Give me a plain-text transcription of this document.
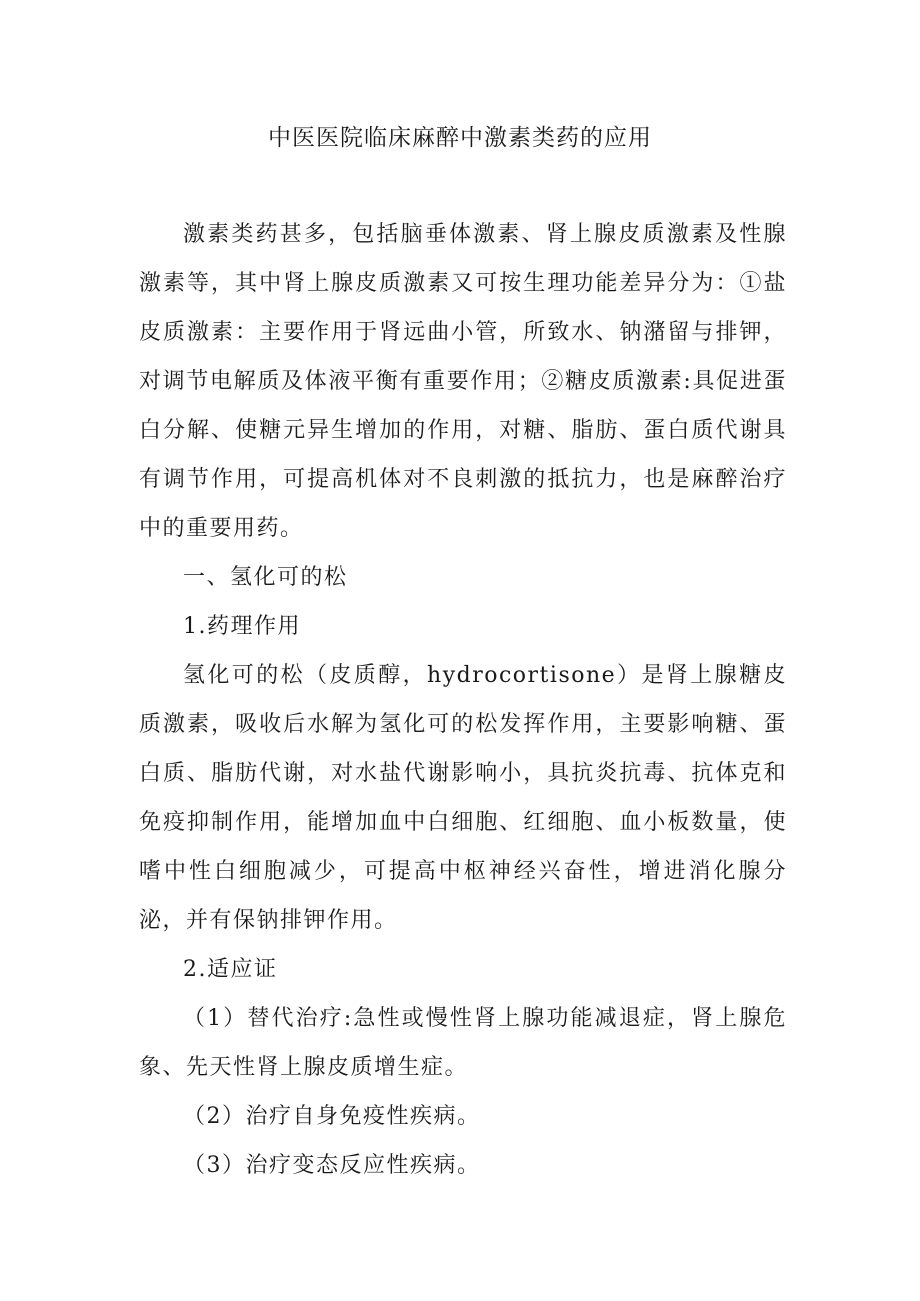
中医医院临床麻醉中激素类药的应用

激素类药甚多，包括脑垂体激素、肾上腺皮质激素及性腺激素等，其中肾上腺皮质激素又可按生理功能差异分为：①盐皮质激素：主要作用于肾远曲小管，所致水、钠潴留与排钾，对调节电解质及体液平衡有重要作用；②糖皮质激素:具促进蛋白分解、使糖元异生增加的作用，对糖、脂肪、蛋白质代谢具有调节作用，可提高机体对不良刺激的抵抗力，也是麻醉治疗中的重要用药。

一、氢化可的松

1.药理作用

氢化可的松（皮质醇，hydrocortisone）是肾上腺糖皮质激素，吸收后水解为氢化可的松发挥作用，主要影响糖、蛋白质、脂肪代谢，对水盐代谢影响小，具抗炎抗毒、抗体克和免疫抑制作用，能增加血中白细胞、红细胞、血小板数量，使嗜中性白细胞减少，可提高中枢神经兴奋性，增进消化腺分泌，并有保钠排钾作用。

2.适应证

（1）替代治疗:急性或慢性肾上腺功能减退症，肾上腺危象、先天性肾上腺皮质增生症。

（2）治疗自身免疫性疾病。

（3）治疗变态反应性疾病。
